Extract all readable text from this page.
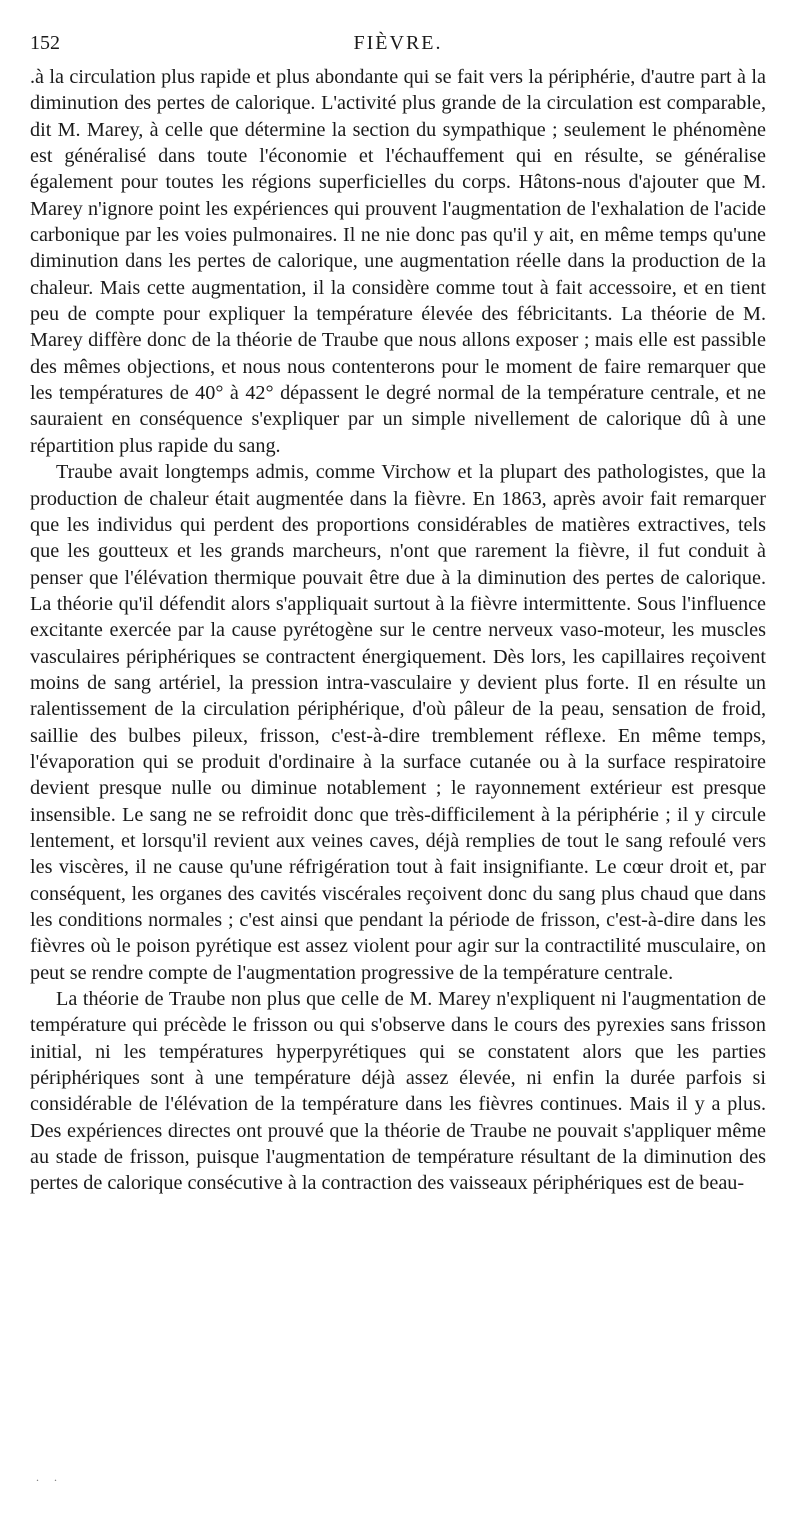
152	FIÈVRE.

.à la circulation plus rapide et plus abondante qui se fait vers la périphérie, d'autre part à la diminution des pertes de calorique. L'activité plus grande de la circulation est comparable, dit M. Marey, à celle que détermine la section du sympathique ; seulement le phénomène est généralisé dans toute l'économie et l'échauffement qui en résulte, se généralise également pour toutes les régions superficielles du corps. Hâtons-nous d'ajouter que M. Marey n'ignore point les expériences qui prouvent l'augmentation de l'exhalation de l'acide carbonique par les voies pulmonaires. Il ne nie donc pas qu'il y ait, en même temps qu'une diminution dans les pertes de calorique, une augmentation réelle dans la production de la chaleur. Mais cette augmentation, il la considère comme tout à fait accessoire, et en tient peu de compte pour expliquer la température élevée des fébricitants. La théorie de M. Marey diffère donc de la théorie de Traube que nous allons exposer ; mais elle est passible des mêmes objections, et nous nous contenterons pour le moment de faire remarquer que les températures de 40° à 42° dépassent le degré normal de la température centrale, et ne sauraient en conséquence s'expliquer par un simple nivellement de calorique dû à une répartition plus rapide du sang.

Traube avait longtemps admis, comme Virchow et la plupart des pathologistes, que la production de chaleur était augmentée dans la fièvre. En 1863, après avoir fait remarquer que les individus qui perdent des proportions considérables de matières extractives, tels que les goutteux et les grands marcheurs, n'ont que rarement la fièvre, il fut conduit à penser que l'élévation thermique pouvait être due à la diminution des pertes de calorique. La théorie qu'il défendit alors s'appliquait surtout à la fièvre intermittente. Sous l'influence excitante exercée par la cause pyrétogène sur le centre nerveux vaso-moteur, les muscles vasculaires périphériques se contractent énergiquement. Dès lors, les capillaires reçoivent moins de sang artériel, la pression intra-vasculaire y devient plus forte. Il en résulte un ralentissement de la circulation périphérique, d'où pâleur de la peau, sensation de froid, saillie des bulbes pileux, frisson, c'est-à-dire tremblement réflexe. En même temps, l'évaporation qui se produit d'ordinaire à la surface cutanée ou à la surface respiratoire devient presque nulle ou diminue notablement ; le rayonnement extérieur est presque insensible. Le sang ne se refroidit donc que très-difficilement à la périphérie ; il y circule lentement, et lorsqu'il revient aux veines caves, déjà remplies de tout le sang refoulé vers les viscères, il ne cause qu'une réfrigération tout à fait insignifiante. Le cœur droit et, par conséquent, les organes des cavités viscérales reçoivent donc du sang plus chaud que dans les conditions normales ; c'est ainsi que pendant la période de frisson, c'est-à-dire dans les fièvres où le poison pyrétique est assez violent pour agir sur la contractilité musculaire, on peut se rendre compte de l'augmentation progressive de la température centrale.

La théorie de Traube non plus que celle de M. Marey n'expliquent ni l'augmentation de température qui précède le frisson ou qui s'observe dans le cours des pyrexies sans frisson initial, ni les températures hyperpyrétiques qui se constatent alors que les parties périphériques sont à une température déjà assez élevée, ni enfin la durée parfois si considérable de l'élévation de la température dans les fièvres continues. Mais il y a plus. Des expériences directes ont prouvé que la théorie de Traube ne pouvait s'appliquer même au stade de frisson, puisque l'augmentation de température résultant de la diminution des pertes de calorique consécutive à la contraction des vaisseaux périphériques est de beau-

. .
